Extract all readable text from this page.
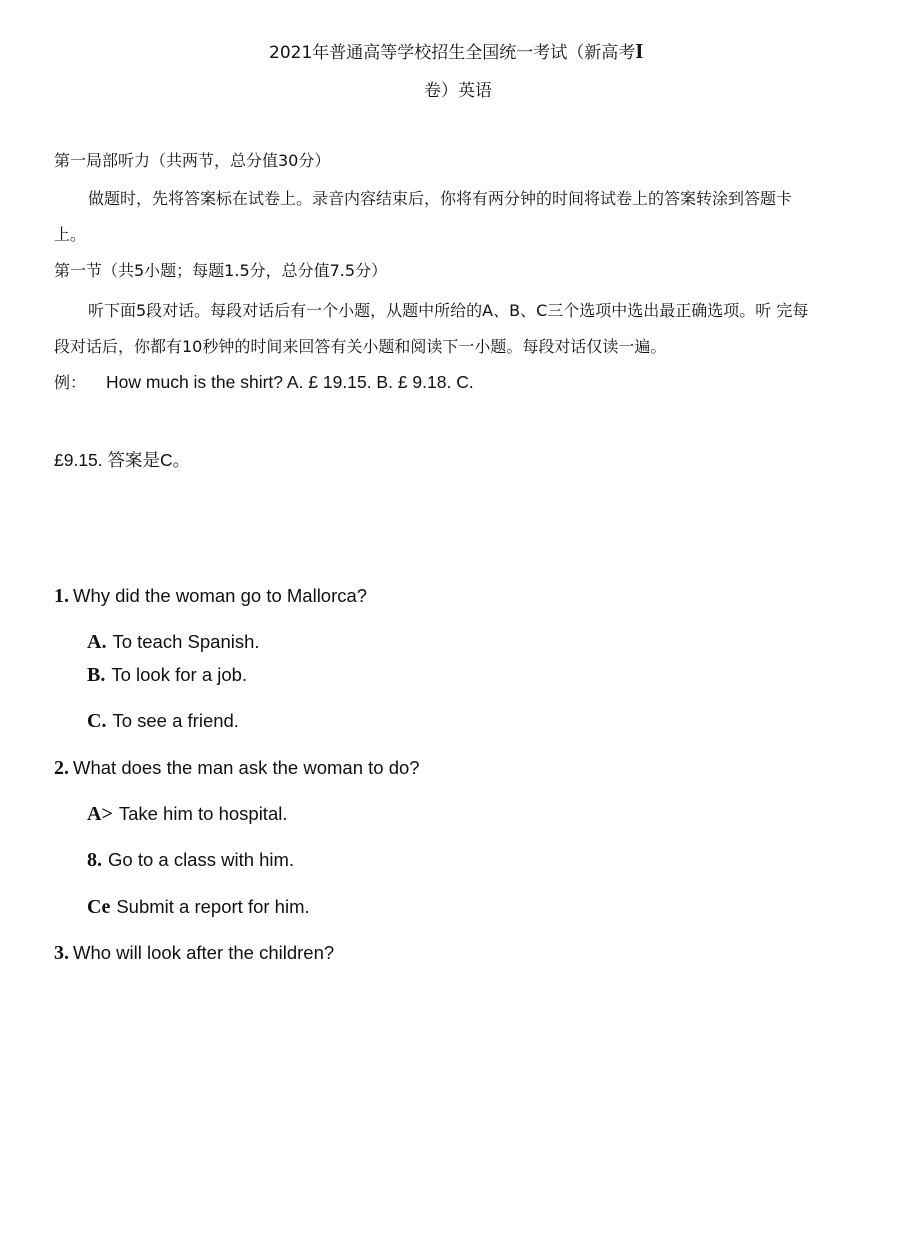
2021年普通高等学校招生全国统一考试（新高考I
卷）英语
第一局部听力（共两节，总分值30分）
做题时，先将答案标在试卷上。录音内容结束后，你将有两分钟的时间将试卷上的答案转涂到答题卡
上。
第一节（共5小题；每题1.5分，总分值7.5分）
听下面5段对话。每段对话后有一个小题，从题中所给的A、B、C三个选项中选出最正确选项。听 完每
段对话后，你都有10秒钟的时间来回答有关小题和阅读下一小题。每段对话仅读一遍。
例： How much is the shirt? A. £ 19.15. B. £ 9.18. C.
£9.15. 答案是C。
1. Why did the woman go to Mallorca?
A. To teach Spanish.
B. To look for a job.
C. To see a friend.
2. What does the man ask the woman to do?
A> Take him to hospital.
8. Go to a class with him.
Ce Submit a report for him.
3. Who will look after the children?
